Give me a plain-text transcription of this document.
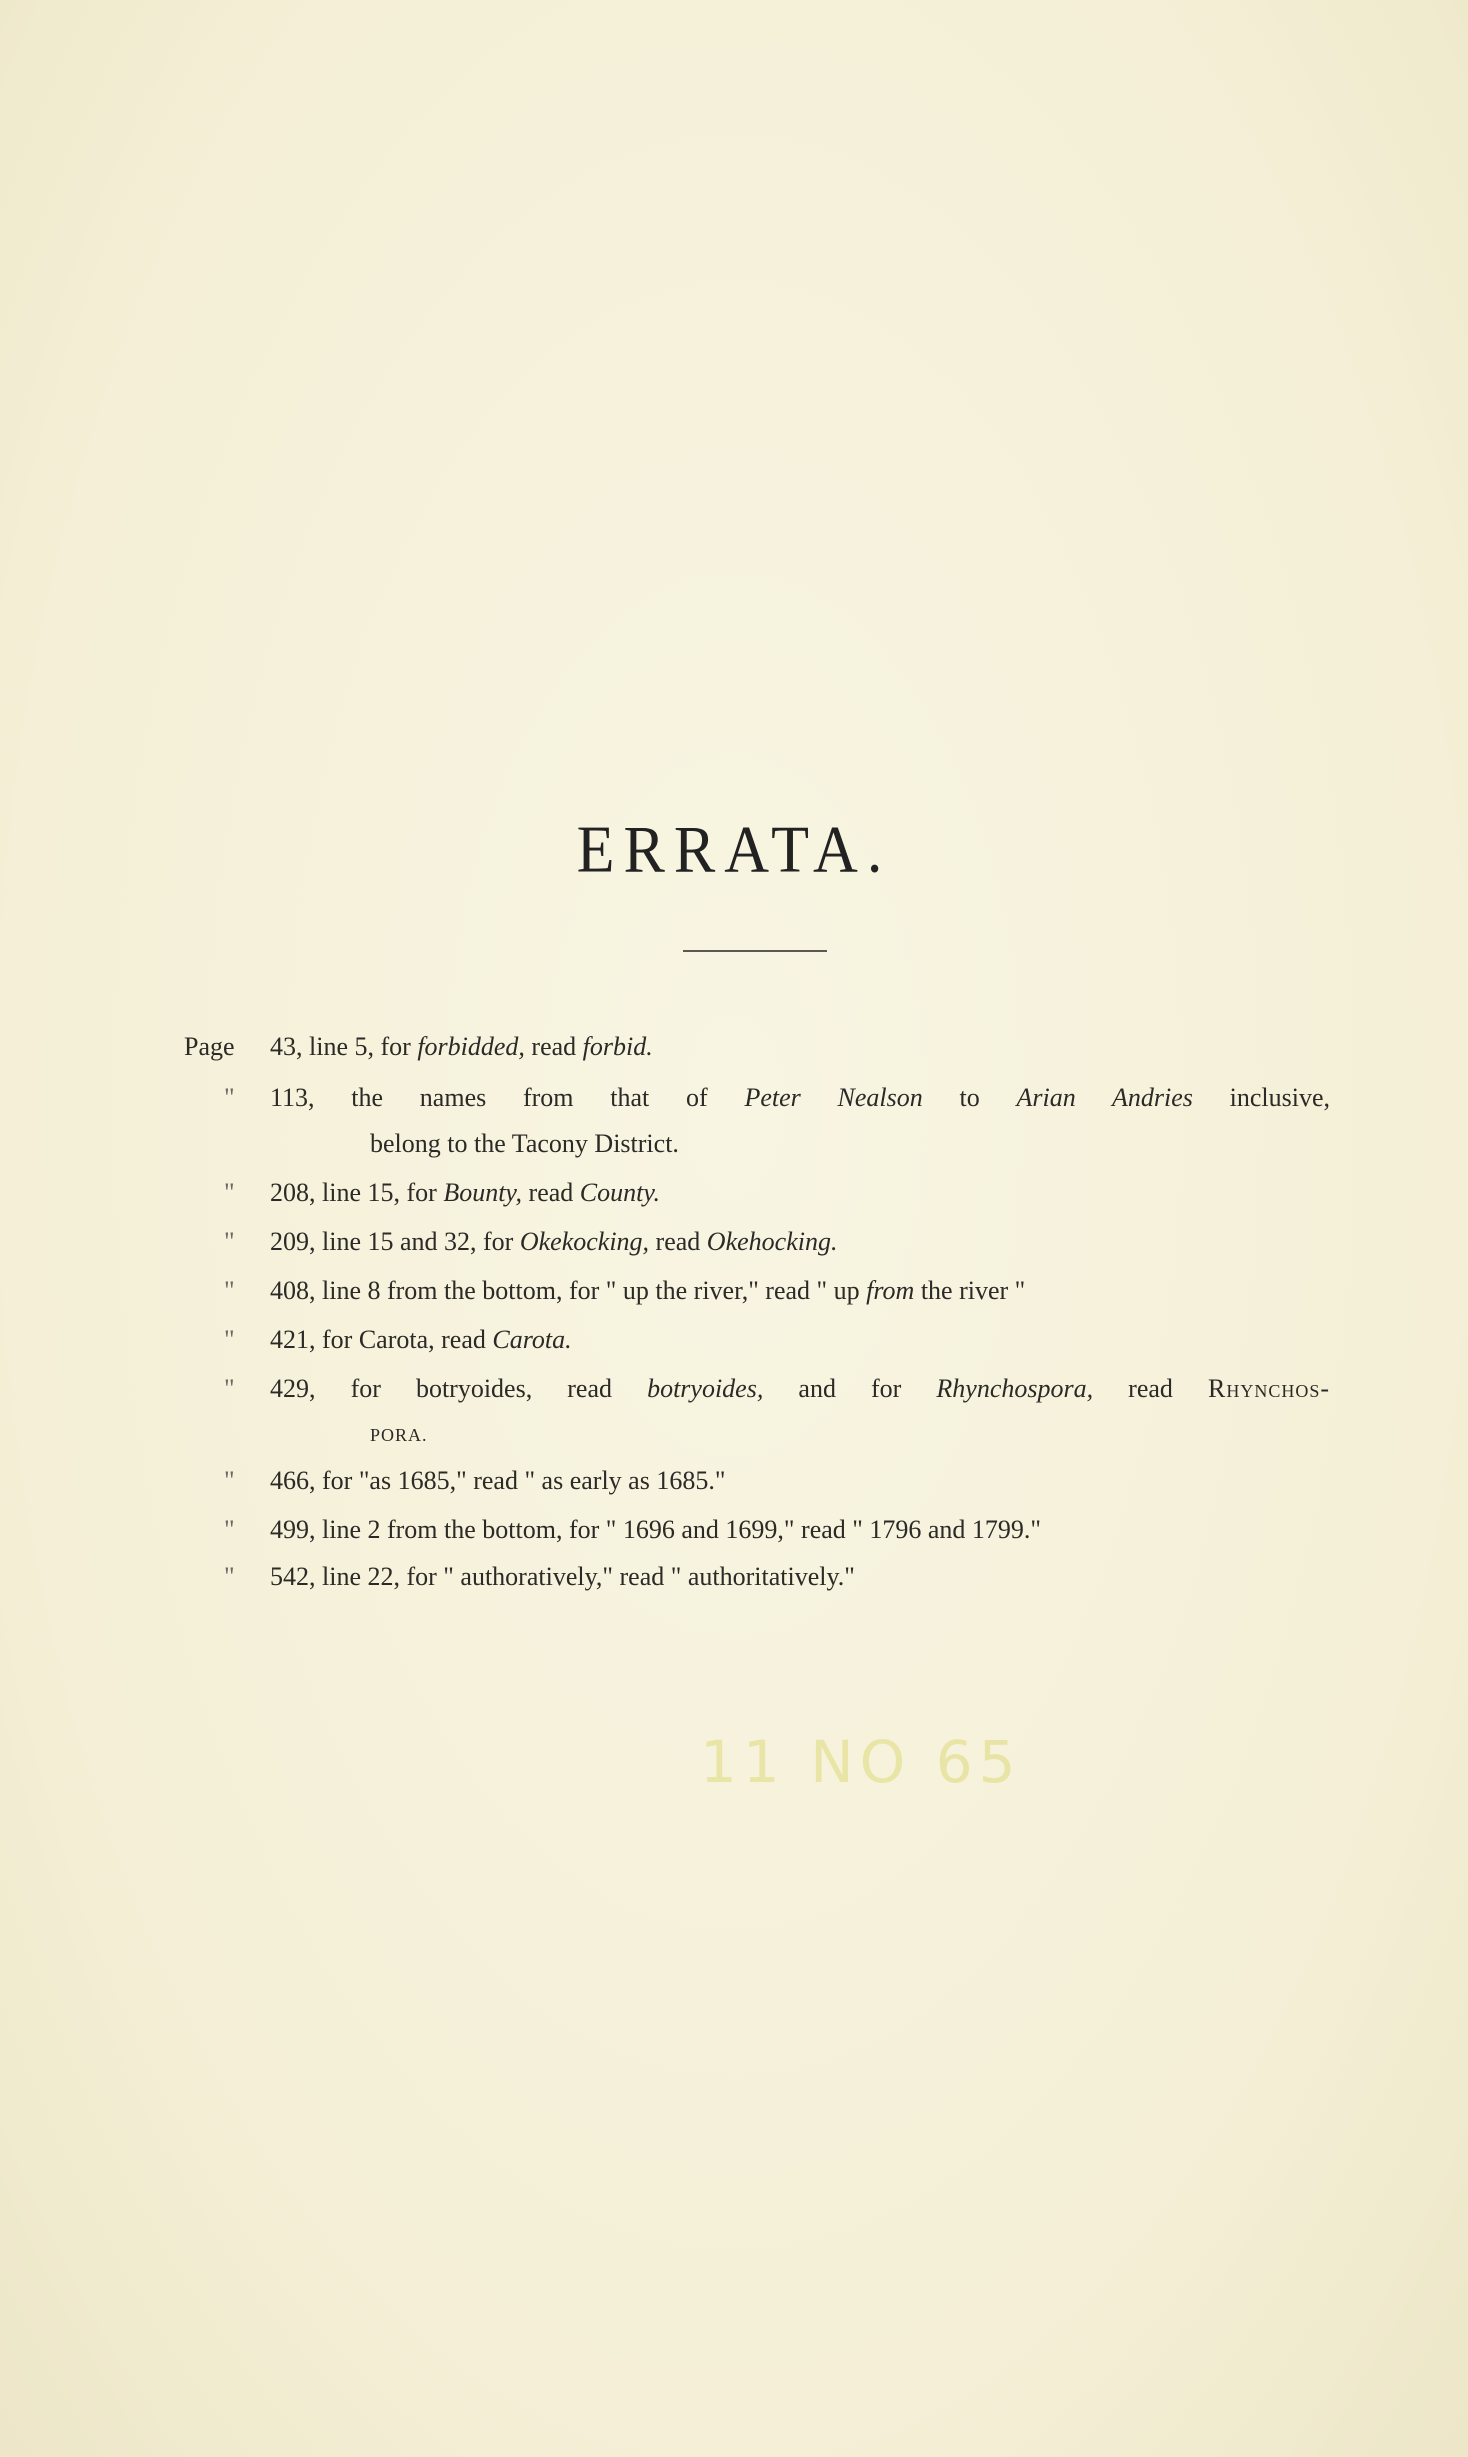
ERRATA.
Page	43, line 5, for forbidded, read forbid.
" 113, the names from that of Peter Nealson to Arian Andries inclusive,
belong to the Tacony District.
" 208, line 15, for Bounty, read County.
" 209, line 15 and 32, for Okekocking, read Okehocking.
" 408, line 8 from the bottom, for " up the river," read " up from the river "
" 421, for Carota, read Carota.
" 429, for botryoides, read botryoides, and for Rhynchospora, read Rhynchos-
PORA.
" 466, for "as 1685," read " as early as 1685."
" 499, line 2 from the bottom, for " 1696 and 1699," read " 1796 and 1799."
" 542, line 22, for " authoratively," read " authoritatively."
11 NO 65
